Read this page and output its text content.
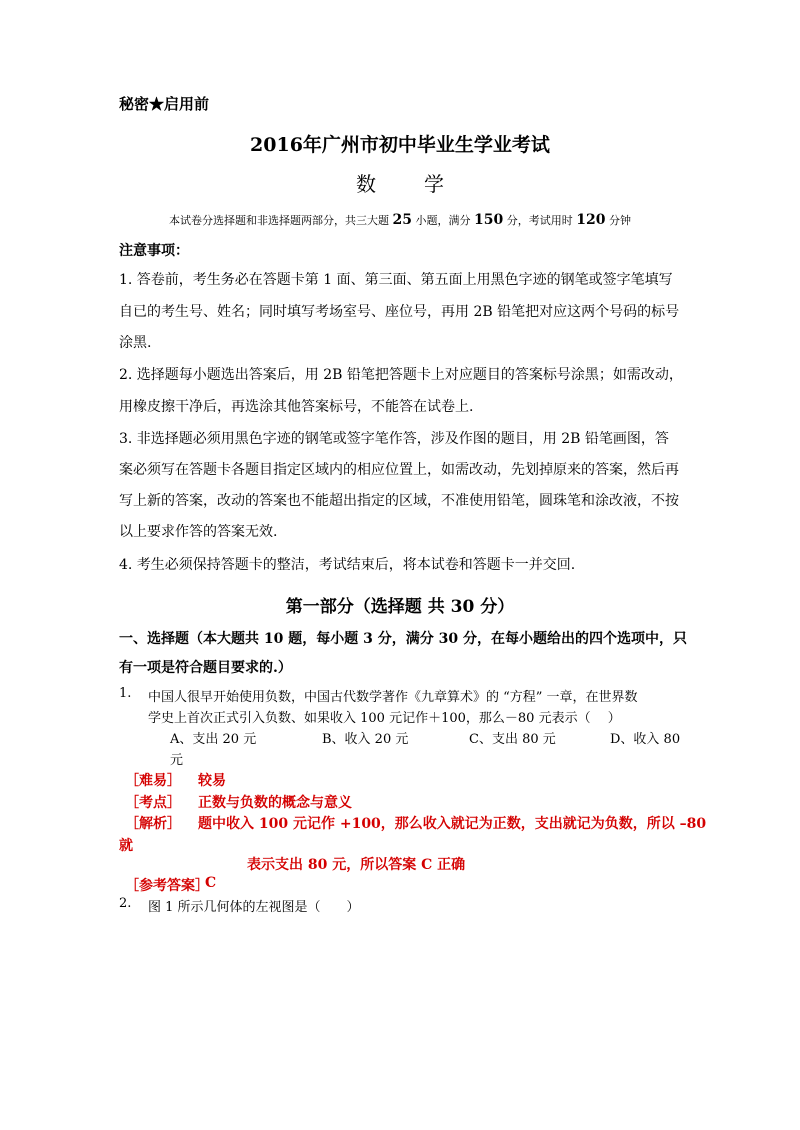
秘密★启用前
2016年广州市初中毕业生学业考试
数学
本试卷分选择题和非选择题两部分，共三大题 25 小题，满分 150 分，考试用时 120 分钟
注意事项：
1. 答卷前，考生务必在答题卡第 1 面、第三面、第五面上用黑色字迹的钢笔或签字笔填写
自已的考生号、姓名；同时填写考场室号、座位号，再用 2B 铅笔把对应这两个号码的标号
涂黑.
2. 选择题每小题选出答案后，用 2B 铅笔把答题卡上对应题目的答案标号涂黑；如需改动，
用橡皮擦干净后，再选涂其他答案标号，不能答在试卷上.
3. 非选择题必须用黑色字迹的钢笔或签字笔作答，涉及作图的题目，用 2B 铅笔画图，答
案必须写在答题卡各题目指定区域内的相应位置上，如需改动，先划掉原来的答案，然后再
写上新的答案，改动的答案也不能超出指定的区域，不准使用铅笔，圆珠笔和涂改液，不按
以上要求作答的答案无效.
4. 考生必须保持答题卡的整洁，考试结束后，将本试卷和答题卡一并交回.
第一部分（选择题 共 30 分）
一、选择题（本大题共 10 题，每小题 3 分，满分 30 分，在每小题给出的四个选项中，只
有一项是符合题目要求的.）
1. 中国人很早开始使用负数，中国古代数学著作《九章算术》的 “方程” 一章，在世界数
学史上首次正式引入负数、如果收入 100 元记作＋100，那么－80 元表示（　 ）
A、支出 20 元	B、收入 20 元	C、支出 80 元	D、收入 80
元
［难易］ 较易
［考点］ 正数与负数的概念与意义
［解析］ 题中收入 100 元记作 +100，那么收入就记为正数，支出就记为负数，所以 –80
就
表示支出 80 元，所以答案 C 正确
［参考答案］
C
2. 图 1 所示几何体的左视图是（　　）
